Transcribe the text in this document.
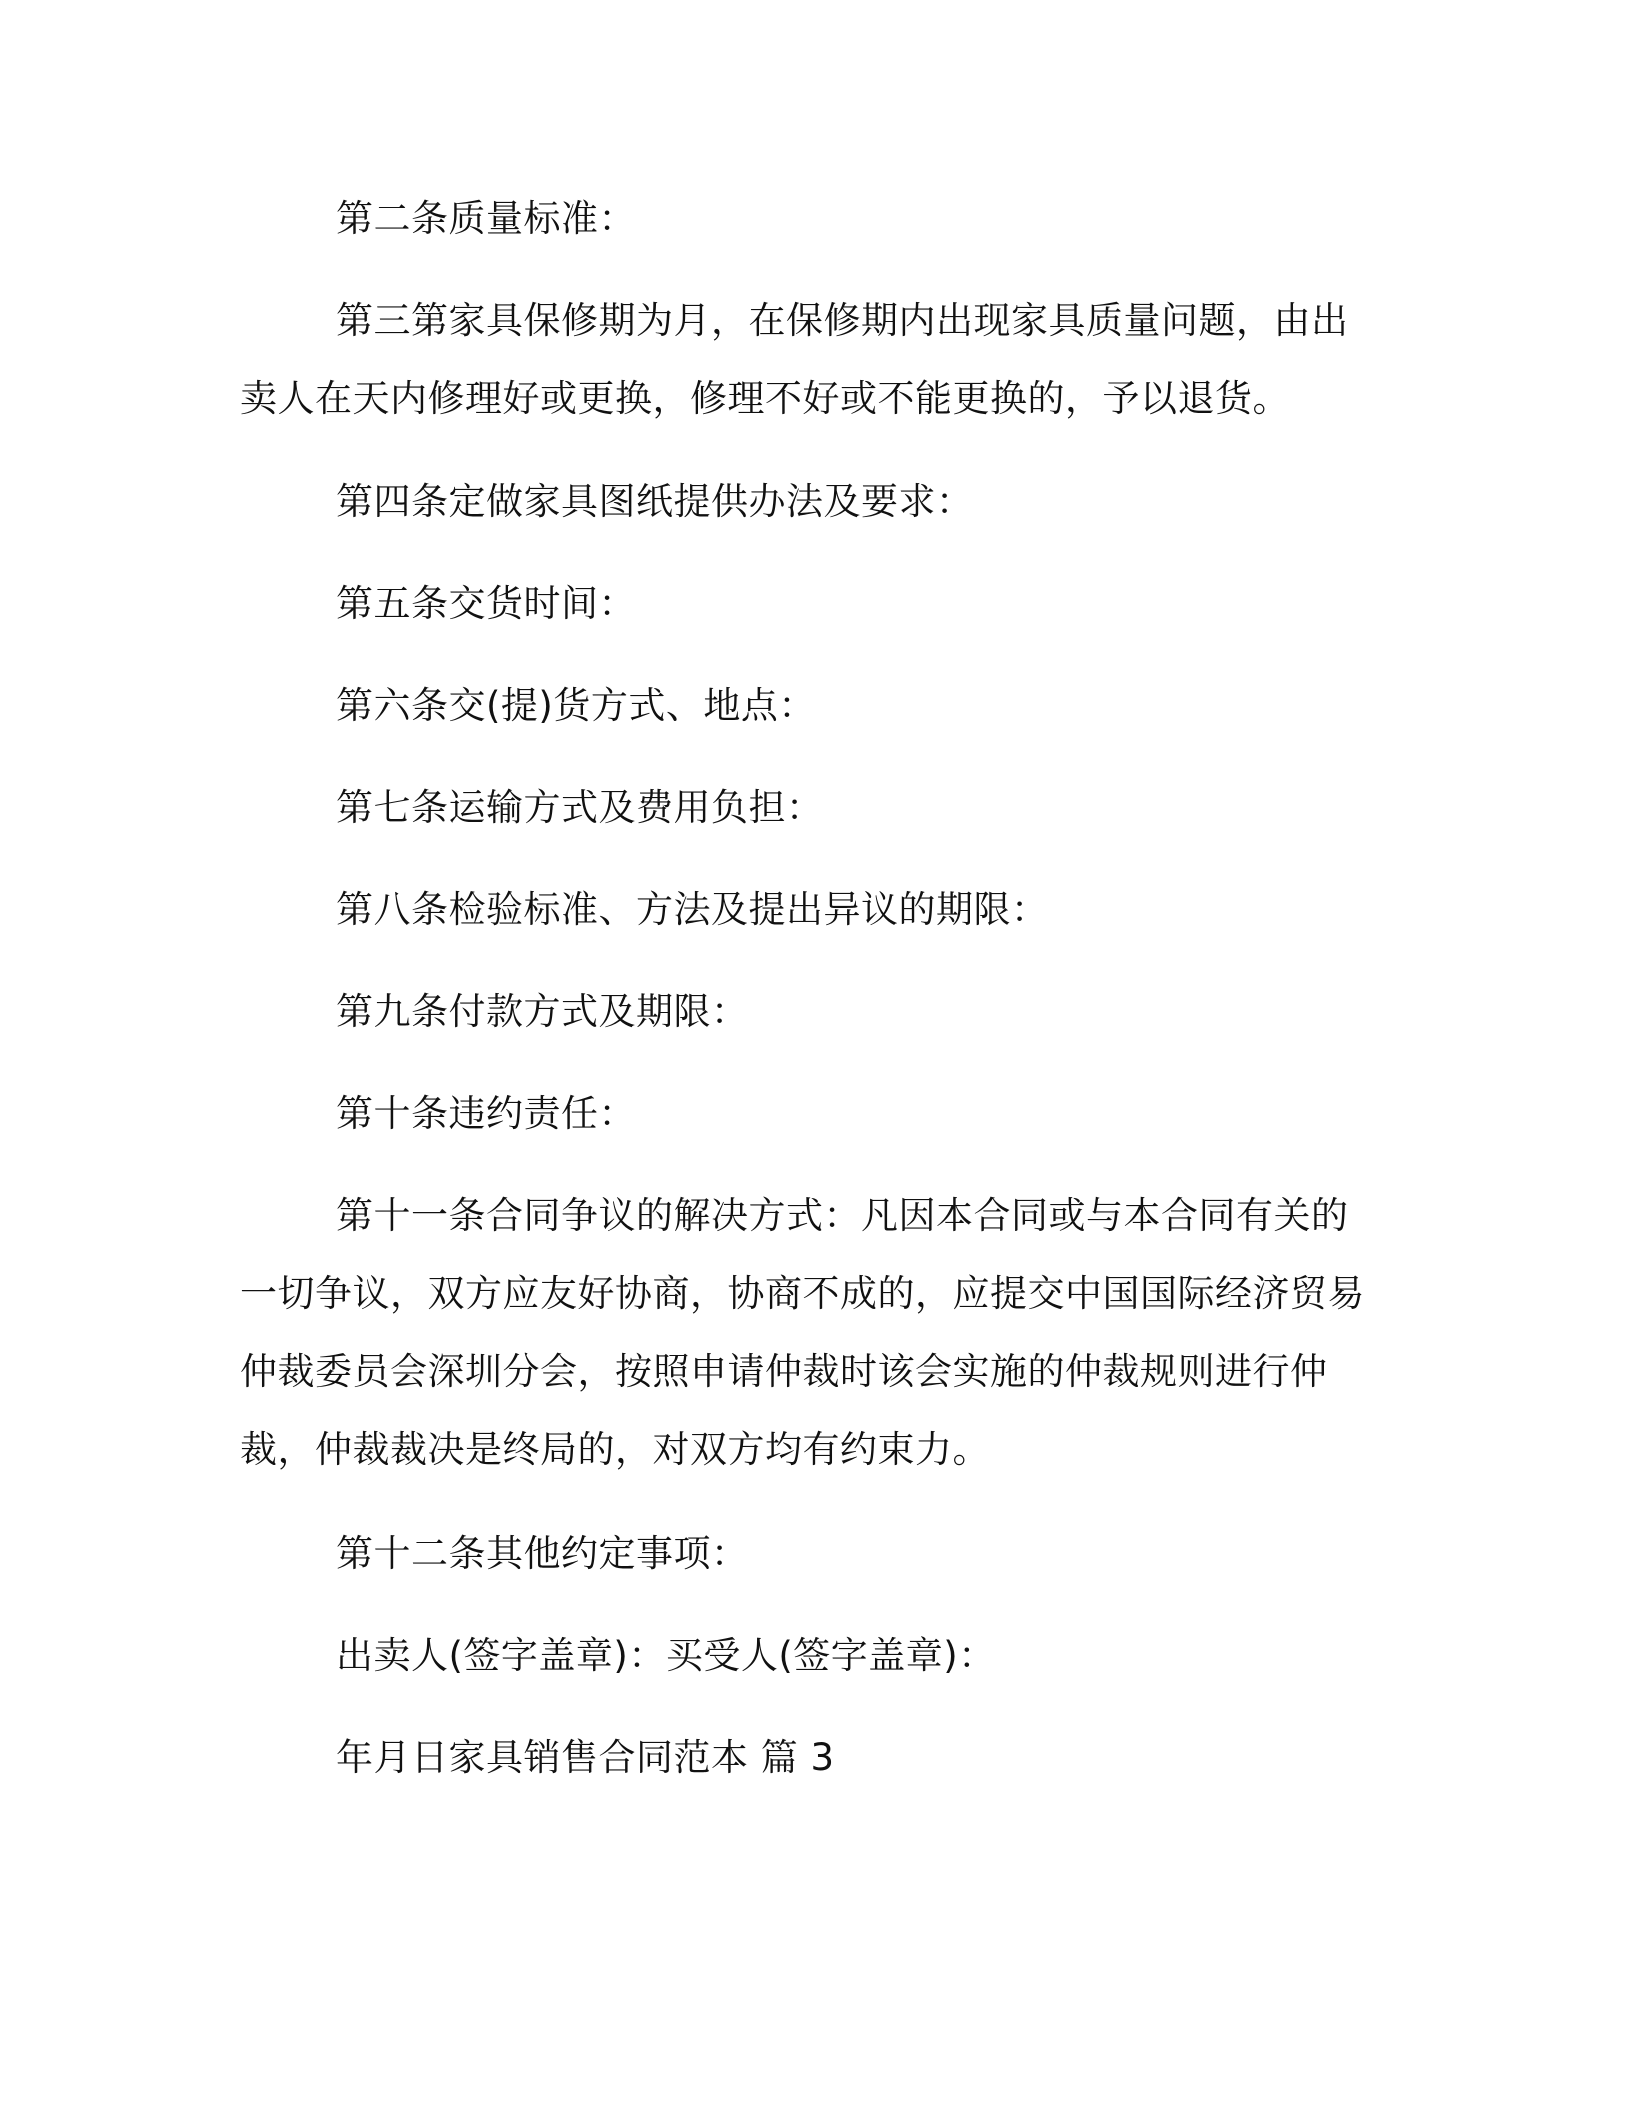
第二条质量标准：

第三第家具保修期为月，在保修期内出现家具质量问题，由出卖人在天内修理好或更换，修理不好或不能更换的，予以退货。

第四条定做家具图纸提供办法及要求：

第五条交货时间：

第六条交(提)货方式、地点：

第七条运输方式及费用负担：

第八条检验标准、方法及提出异议的期限：

第九条付款方式及期限：

第十条违约责任：

第十一条合同争议的解决方式：凡因本合同或与本合同有关的一切争议，双方应友好协商，协商不成的，应提交中国国际经济贸易仲裁委员会深圳分会，按照申请仲裁时该会实施的仲裁规则进行仲裁，仲裁裁决是终局的，对双方均有约束力。

第十二条其他约定事项：

出卖人(签字盖章)：买受人(签字盖章)：

年月日家具销售合同范本 篇 3
